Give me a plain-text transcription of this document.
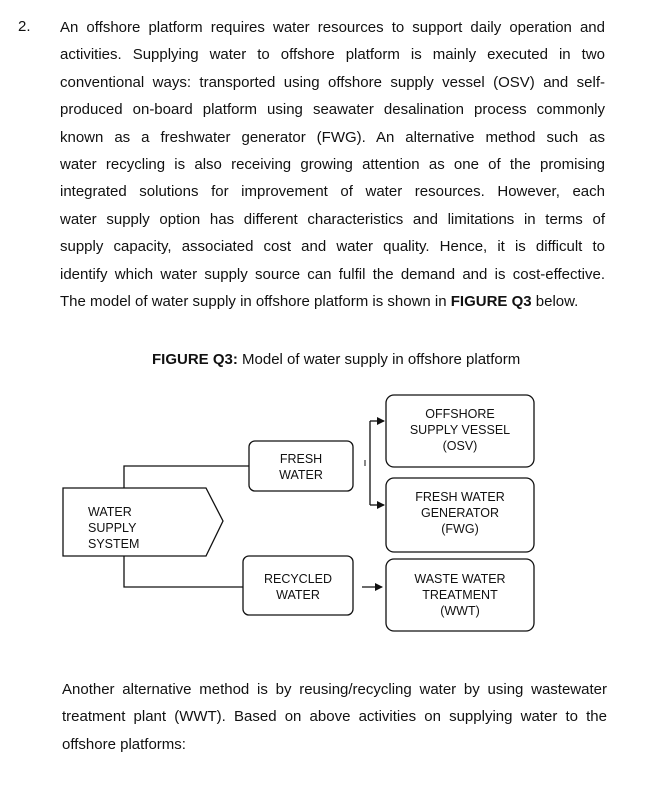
2. An offshore platform requires water resources to support daily operation and
activities. Supplying water to offshore platform is mainly executed in two
conventional ways: transported using offshore supply vessel (OSV) and self-
produced on-board platform using seawater desalination process commonly
known as a freshwater generator (FWG). An alternative method such as
water recycling is also receiving growing attention as one of the promising
integrated solutions for improvement of water resources. However, each
water supply option has different characteristics and limitations in terms of
supply capacity, associated cost and water quality. Hence, it is difficult to
identify which water supply source can fulfil the demand and is cost-effective.
The model of water supply in offshore platform is shown in FIGURE Q3 below.
FIGURE Q3: Model of water supply in offshore platform
WATER
SUPPLY
SYSTEM
FRESH
WATER
RECYCLED
WATER
OFFSHORE
SUPPLY VESSEL
(OSV)
FRESH WATER
GENERATOR
(FWG)
WASTE WATER
TREATMENT
(WWT)
Another alternative method is by reusing/recycling water by using wastewater
treatment plant (WWT). Based on above activities on supplying water to the
offshore platforms:
